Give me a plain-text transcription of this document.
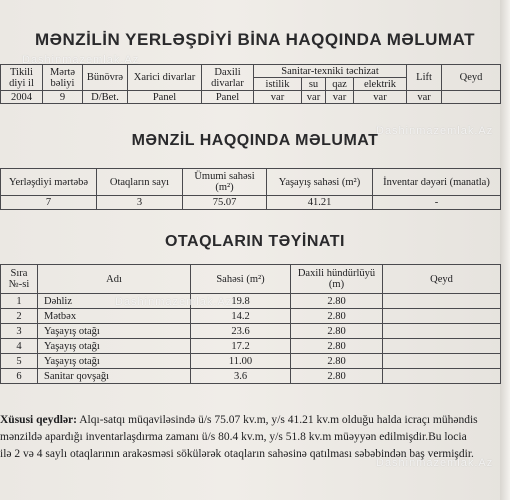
MƏNZİLİN YERLƏŞDİYİ BİNA HAQQINDA MƏLUMAT
Tikili diyi il	Mərtə bəliyi	Bünövrə	Xarici divarlar	Daxili divarlar	Sanitar-texniki təchizat				Lift	Qeyd
					istilik	su	qaz	elektrik		
2004	9	D/Bet.	Panel	Panel	var	var	var	var	var	
MƏNZİL HAQQINDA MƏLUMAT
Yerləşdiyi mərtəbə	Otaqların sayı	Ümumi sahəsi (m²)	Yaşayış sahəsi (m²)	İnventar dəyəri (manatla)
7	3	75.07	41.21	-
OTAQLARIN TƏYİNATI
Sıra №-si	Adı	Sahəsi (m²)	Daxili hündürlüyü (m)	Qeyd
1	Dəhliz	19.8	2.80	
2	Mətbəx	14.2	2.80	
3	Yaşayış otağı	23.6	2.80	
4	Yaşayış otağı	17.2	2.80	
5	Yaşayış otağı	11.00	2.80	
6	Sanitar qovşağı	3.6	2.80	
Xüsusi qeydlər: Alqı-satqı müqaviləsində ü/s 75.07 kv.m, y/s 41.21 kv.m olduğu halda icraçı mühəndis
mənzildə apardığı inventarlaşdırma zamanı ü/s 80.4 kv.m, y/s 51.8 kv.m müəyyən edilmişdir.Bu locia
ilə 2 və 4 saylı otaqlarının arakəsməsi sökülərək otaqların sahəsinə qatılması səbəbindən baş vermişdir.
Dashinmazemlak.Az
Dashinmazemlak.Az
Dashinmazemlak.Az
Dashinmazemlak.Az
